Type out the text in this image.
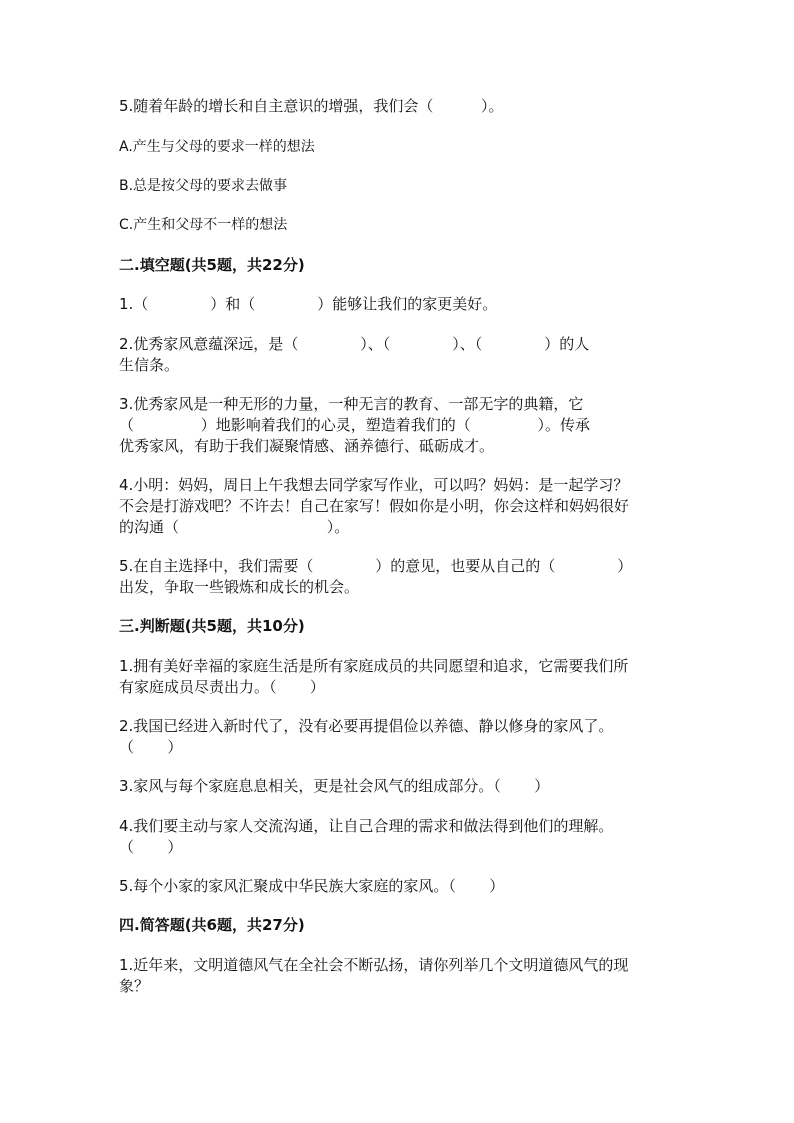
5.随着年龄的增长和自主意识的增强，我们会（          ）。
A.产生与父母的要求一样的想法
B.总是按父母的要求去做事
C.产生和父母不一样的想法
二.填空题(共5题，共22分)
1.（             ）和（             ）能够让我们的家更美好。
2.优秀家风意蕴深远，是（             ）、（             ）、（             ）的人
生信条。
3.优秀家风是一种无形的力量，一种无言的教育、一部无字的典籍，它
（              ）地影响着我们的心灵，塑造着我们的（              ）。传承
优秀家风，有助于我们凝聚情感、涵养德行、砥砺成才。
4.小明：妈妈，周日上午我想去同学家写作业，可以吗？妈妈：是一起学习？
不会是打游戏吧？不许去！自己在家写！假如你是小明，你会这样和妈妈很好
的沟通（                               ）。
5.在自主选择中，我们需要（             ）的意见，也要从自己的（             ）
出发，争取一些锻炼和成长的机会。
三.判断题(共5题，共10分)
1.拥有美好幸福的家庭生活是所有家庭成员的共同愿望和追求，它需要我们所
有家庭成员尽责出力。（       ）
2.我国已经进入新时代了，没有必要再提倡俭以养德、静以修身的家风了。
（       ）
3.家风与每个家庭息息相关，更是社会风气的组成部分。（       ）
4.我们要主动与家人交流沟通，让自己合理的需求和做法得到他们的理解。
（       ）
5.每个小家的家风汇聚成中华民族大家庭的家风。（       ）
四.简答题(共6题，共27分)
1.近年来，文明道德风气在全社会不断弘扬，请你列举几个文明道德风气的现
象？
